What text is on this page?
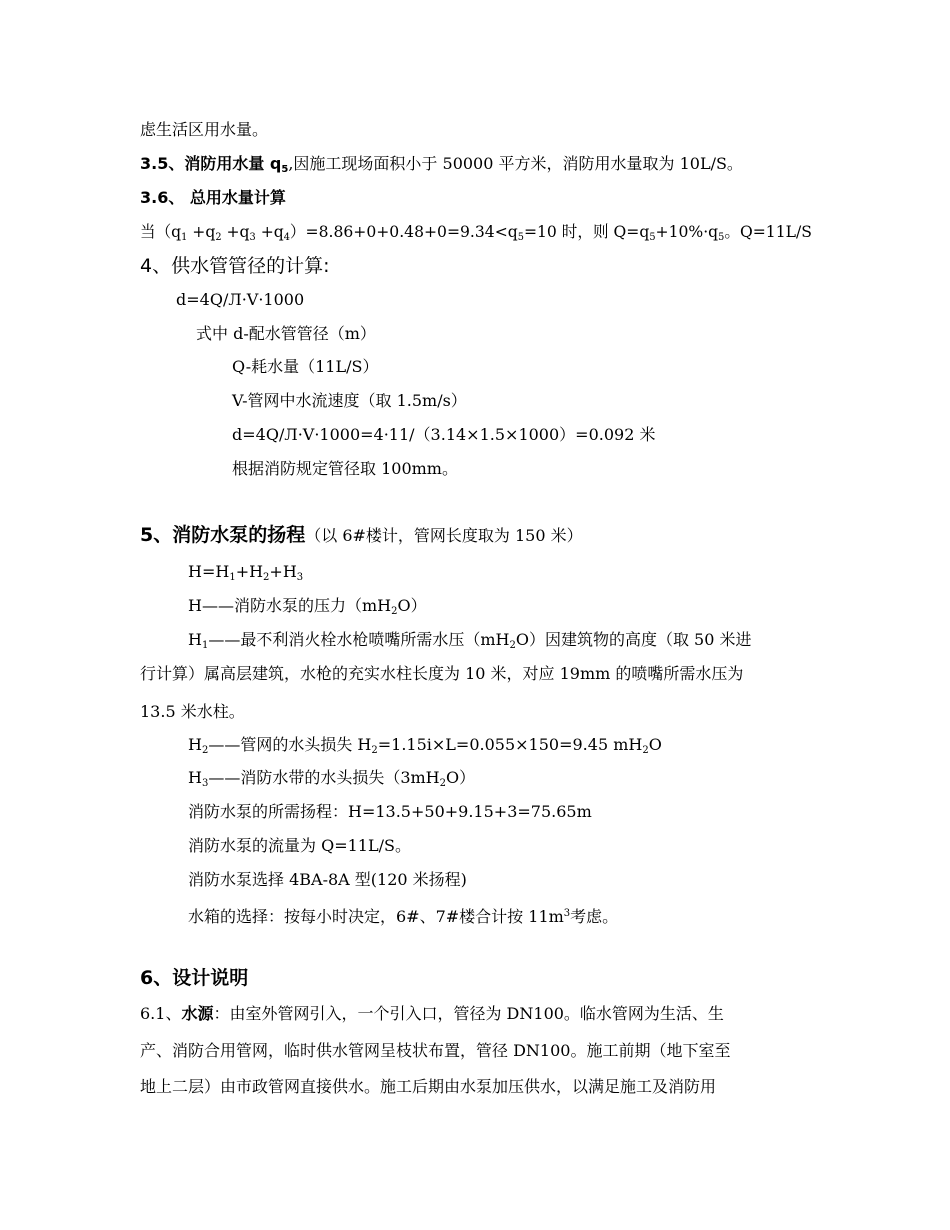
虑生活区用水量。
3.5、消防用水量 $q_5$,因施工现场面积小于 50000 平方米，消防用水量取为 10L/S。
3.6、 总用水量计算
当$(q_1 +q_2 +q_3 +q_4)=8.86+0+0.48+0=9.34<q_5=10$ 时，则 $Q=q_5+10\%\cdot q_5$。Q=11L/S
4、供水管管径的计算:
d=4Q/Л·V·1000
式中 d-配水管管径（m）
Q-耗水量（11L/S）
V-管网中水流速度（取 1.5m/s）
d=4Q/Л·V·1000=4·11/（3.14×1.5×1000）=0.092 米
根据消防规定管径取 100mm。
5、消防水泵的扬程（以 6#楼计，管网长度取为 150 米）
$H=H_1+H_2+H_3$
H——消防水泵的压力$(mH_2O)$
$H_1——$最不利消火栓水枪喷嘴所需水压$(mH_2O)$因建筑物的高度（取 50 米进
行计算）属高层建筑，水枪的充实水柱长度为 10 米，对应 19mm 的喷嘴所需水压为
13.5 米水柱。
$H_2——$管网的水头损失 $H_2=1.15i\times L=0.055\times 150=9.45$ $mH_2O$
$H_3——$消防水带的水头损失$(3mH_2O)$
消防水泵的所需扬程：H=13.5+50+9.15+3=75.65m
消防水泵的流量为 Q=11L/S。
消防水泵选择 4BA-8A 型(120 米扬程)
水箱的选择：按每小时决定，6#、7#楼合计按 $11m^3$考虑。
6、设计说明
6.1、水源：由室外管网引入，一个引入口，管径为 DN100。临水管网为生活、生
产、消防合用管网，临时供水管网呈枝状布置，管径 DN100。施工前期（地下室至
地上二层）由市政管网直接供水。施工后期由水泵加压供水，以满足施工及消防用
